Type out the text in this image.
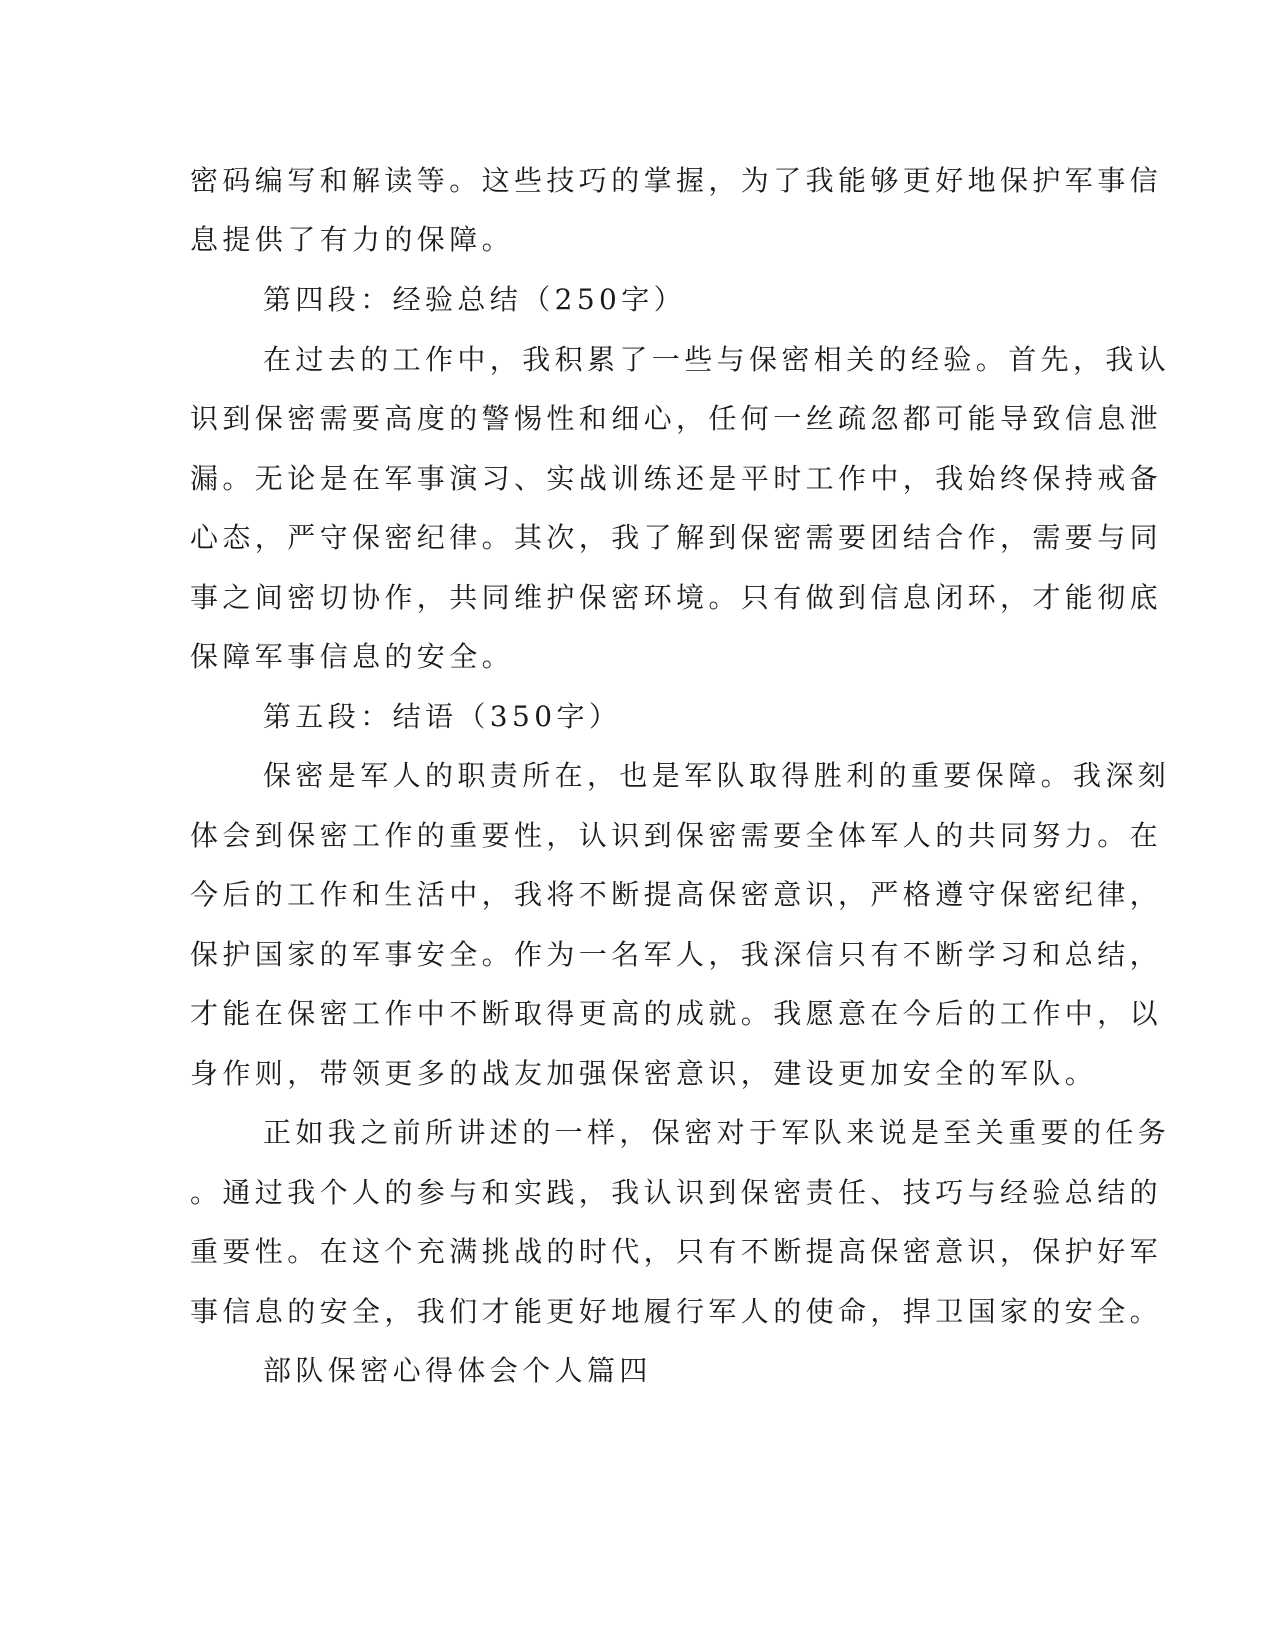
密码编写和解读等。这些技巧的掌握，为了我能够更好地保护军事信
息提供了有力的保障。
第四段：经验总结（250字）
在过去的工作中，我积累了一些与保密相关的经验。首先，我认
识到保密需要高度的警惕性和细心，任何一丝疏忽都可能导致信息泄
漏。无论是在军事演习、实战训练还是平时工作中，我始终保持戒备
心态，严守保密纪律。其次，我了解到保密需要团结合作，需要与同
事之间密切协作，共同维护保密环境。只有做到信息闭环，才能彻底
保障军事信息的安全。
第五段：结语（350字）
保密是军人的职责所在，也是军队取得胜利的重要保障。我深刻
体会到保密工作的重要性，认识到保密需要全体军人的共同努力。在
今后的工作和生活中，我将不断提高保密意识，严格遵守保密纪律，
保护国家的军事安全。作为一名军人，我深信只有不断学习和总结，
才能在保密工作中不断取得更高的成就。我愿意在今后的工作中，以
身作则，带领更多的战友加强保密意识，建设更加安全的军队。
正如我之前所讲述的一样，保密对于军队来说是至关重要的任务
。通过我个人的参与和实践，我认识到保密责任、技巧与经验总结的
重要性。在这个充满挑战的时代，只有不断提高保密意识，保护好军
事信息的安全，我们才能更好地履行军人的使命，捍卫国家的安全。
部队保密心得体会个人篇四
